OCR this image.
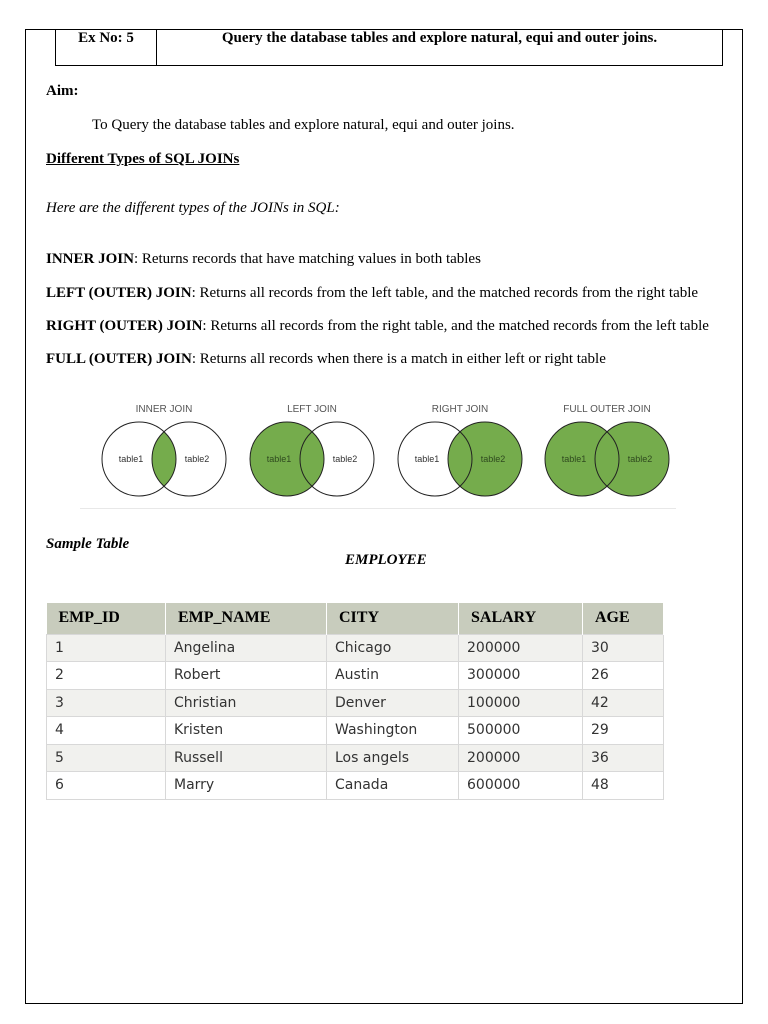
Ex No: 5	Query the database tables and explore natural, equi and outer joins.
Aim:
To Query the database tables and explore natural, equi and outer joins.
Different Types of SQL JOINs
Here are the different types of the JOINs in SQL:
INNER JOIN: Returns records that have matching values in both tables
LEFT (OUTER) JOIN: Returns all records from the left table, and the matched records from the right table
RIGHT (OUTER) JOIN: Returns all records from the right table, and the matched records from the left table
FULL (OUTER) JOIN: Returns all records when there is a match in either left or right table
INNER JOIN
table1	table2
LEFT JOIN
table1	table2
RIGHT JOIN
table1	table2
FULL OUTER JOIN
table1	table2
Sample Table
EMPLOYEE
EMP_ID	EMP_NAME	CITY	SALARY	AGE
1	Angelina	Chicago	200000	30
2	Robert	Austin	300000	26
3	Christian	Denver	100000	42
4	Kristen	Washington	500000	29
5	Russell	Los angels	200000	36
6	Marry	Canada	600000	48
